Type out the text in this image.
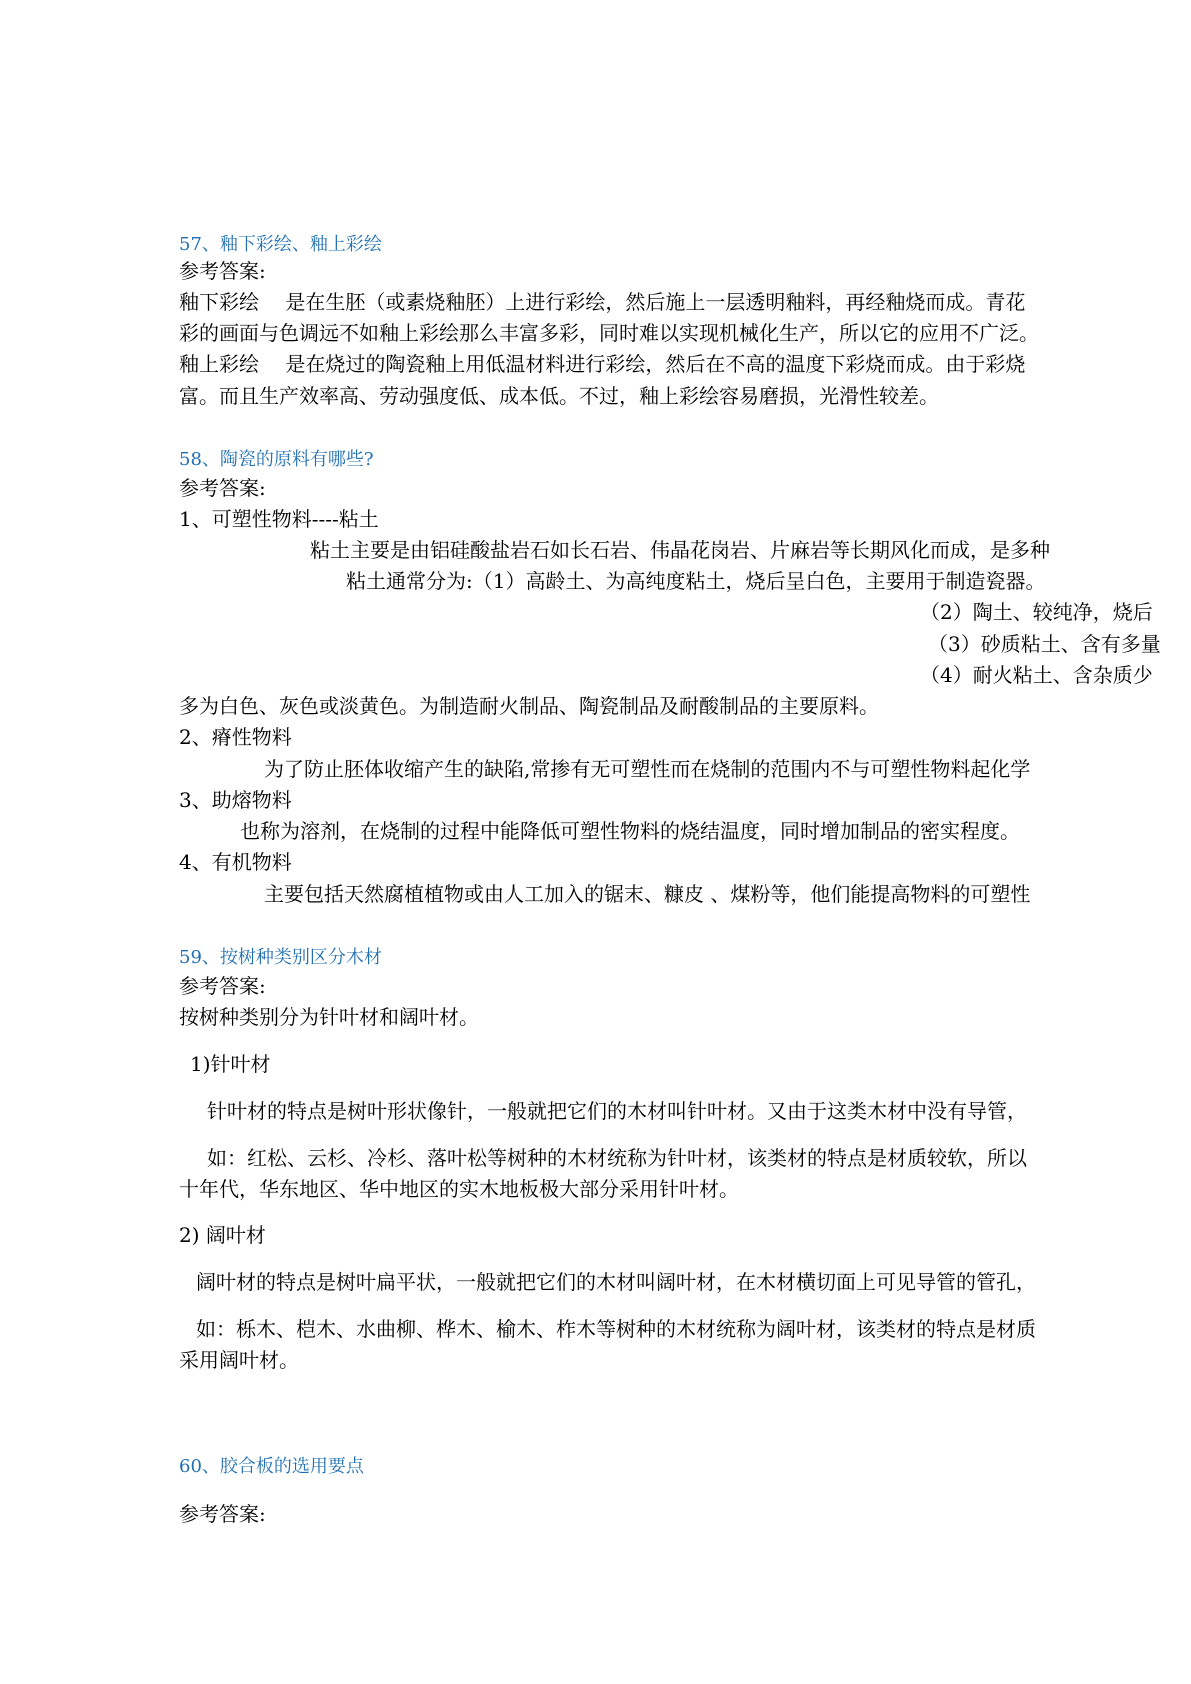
57、釉下彩绘、釉上彩绘
参考答案:
釉下彩绘　 是在生胚（或素烧釉胚）上进行彩绘，然后施上一层透明釉料，再经釉烧而成。青花
彩的画面与色调远不如釉上彩绘那么丰富多彩，同时难以实现机械化生产，所以它的应用不广泛。
釉上彩绘　 是在烧过的陶瓷釉上用低温材料进行彩绘，然后在不高的温度下彩烧而成。由于彩烧
富。而且生产效率高、劳动强度低、成本低。不过，釉上彩绘容易磨损，光滑性较差。
58、陶瓷的原料有哪些?
参考答案:
1、可塑性物料----粘土
粘土主要是由铝硅酸盐岩石如长石岩、伟晶花岗岩、片麻岩等长期风化而成，是多种
粘土通常分为:（1）高龄土、为高纯度粘土，烧后呈白色，主要用于制造瓷器。
（2）陶土、较纯净，烧后
（3）砂质粘土、含有多量
（4）耐火粘土、含杂质少
多为白色、灰色或淡黄色。为制造耐火制品、陶瓷制品及耐酸制品的主要原料。
2、瘠性物料
为了防止胚体收缩产生的缺陷,常掺有无可塑性而在烧制的范围内不与可塑性物料起化学
3、助熔物料
也称为溶剂，在烧制的过程中能降低可塑性物料的烧结温度，同时增加制品的密实程度。
4、有机物料
主要包括天然腐植植物或由人工加入的锯末、糠皮 、煤粉等，他们能提高物料的可塑性
59、按树种类别区分木材
参考答案:
按树种类别分为针叶材和阔叶材。
1)针叶材
针叶材的特点是树叶形状像针，一般就把它们的木材叫针叶材。又由于这类木材中没有导管，
如：红松、云杉、冷杉、落叶松等树种的木材统称为针叶材，该类材的特点是材质较软，所以
十年代，华东地区、华中地区的实木地板极大部分采用针叶材。
2) 阔叶材
阔叶材的特点是树叶扁平状，一般就把它们的木材叫阔叶材，在木材横切面上可见导管的管孔，
如：栎木、桤木、水曲柳、桦木、榆木、柞木等树种的木材统称为阔叶材，该类材的特点是材质
采用阔叶材。
60、胶合板的选用要点
参考答案:
